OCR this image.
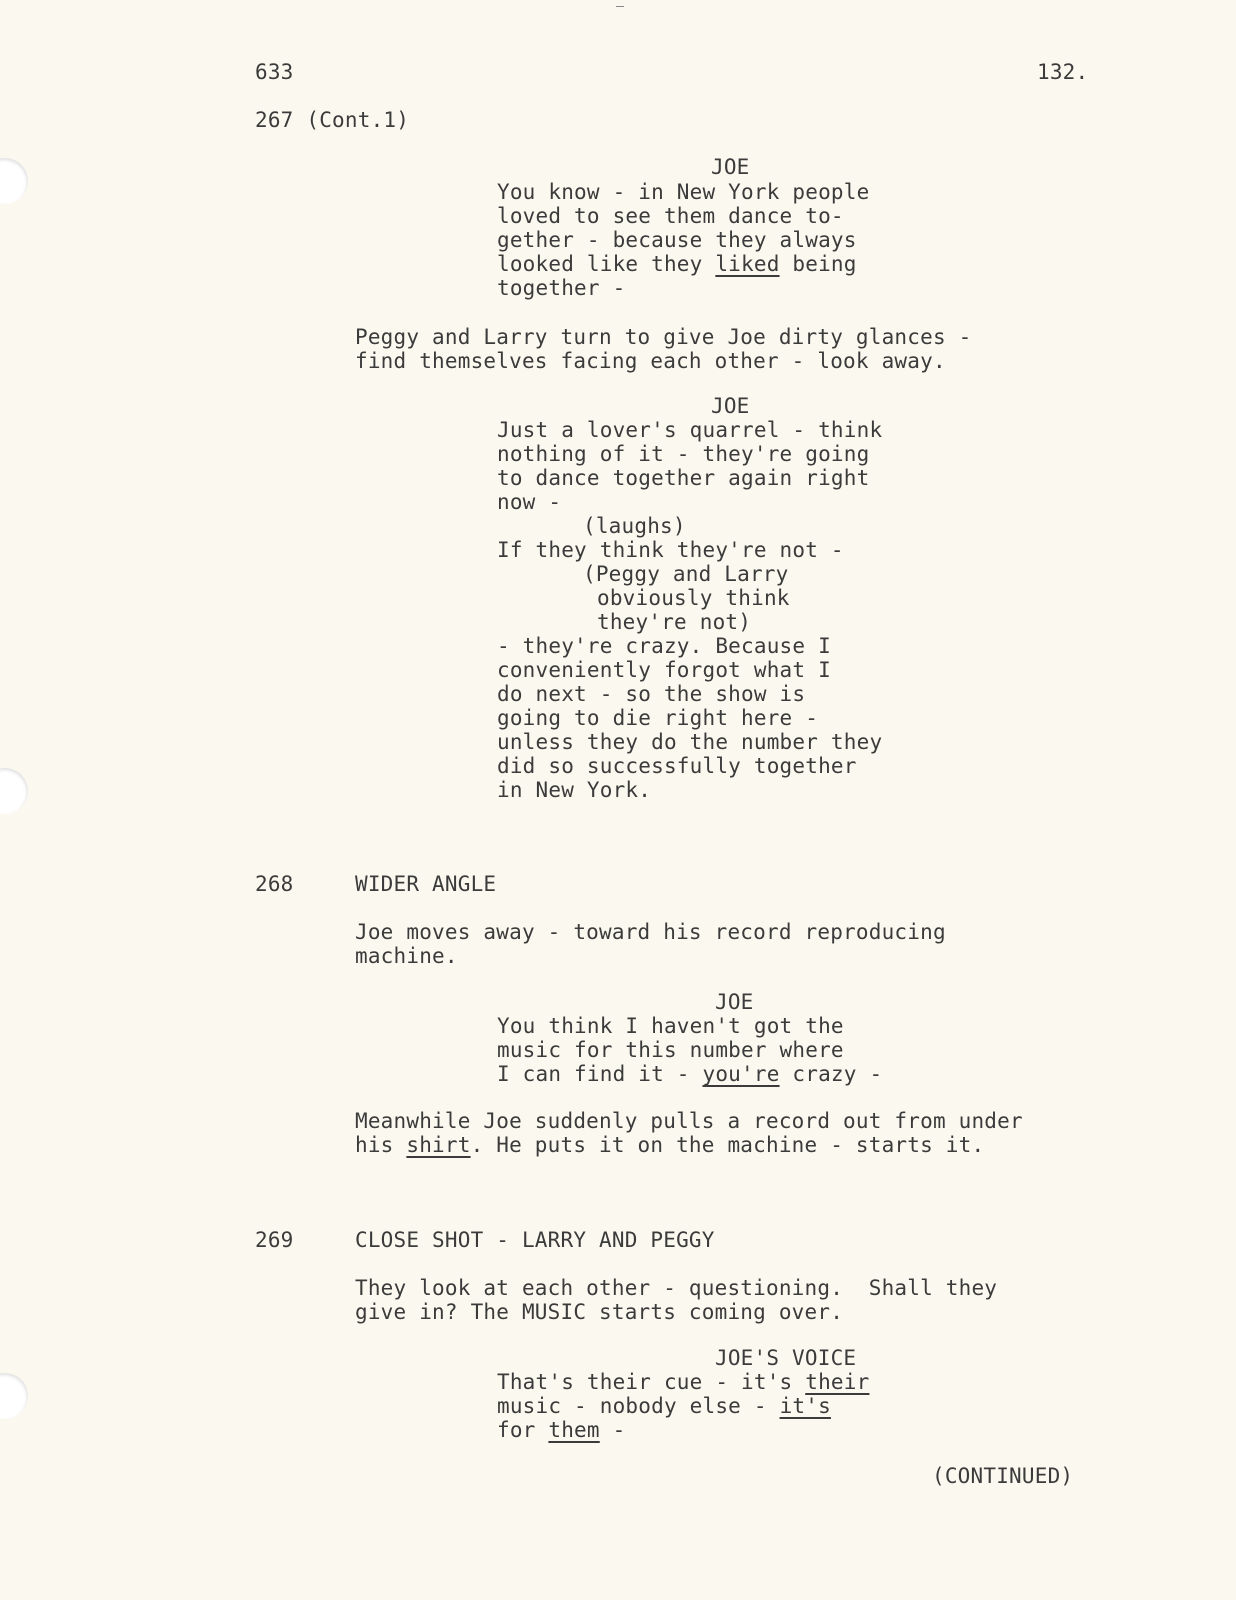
633	132.
267 (Cont.1)
JOE
You know - in New York people
loved to see them dance to-
gether - because they always
looked like they liked being
together -
Peggy and Larry turn to give Joe dirty glances -
find themselves facing each other - look away.
JOE
Just a lover's quarrel - think
nothing of it - they're going
to dance together again right
now -
(laughs)
If they think they're not -
(Peggy and Larry
obviously think
they're not)
- they're crazy. Because I
conveniently forgot what I
do next - so the show is
going to die right here -
unless they do the number they
did so successfully together
in New York.
268	WIDER ANGLE
Joe moves away - toward his record reproducing
machine.
JOE
You think I haven't got the
music for this number where
I can find it - you're crazy -
Meanwhile Joe suddenly pulls a record out from under
his shirt. He puts it on the machine - starts it.
269	CLOSE SHOT - LARRY AND PEGGY
They look at each other - questioning.  Shall they
give in? The MUSIC starts coming over.
JOE'S VOICE
That's their cue - it's their
music - nobody else - it's
for them -
(CONTINUED)
